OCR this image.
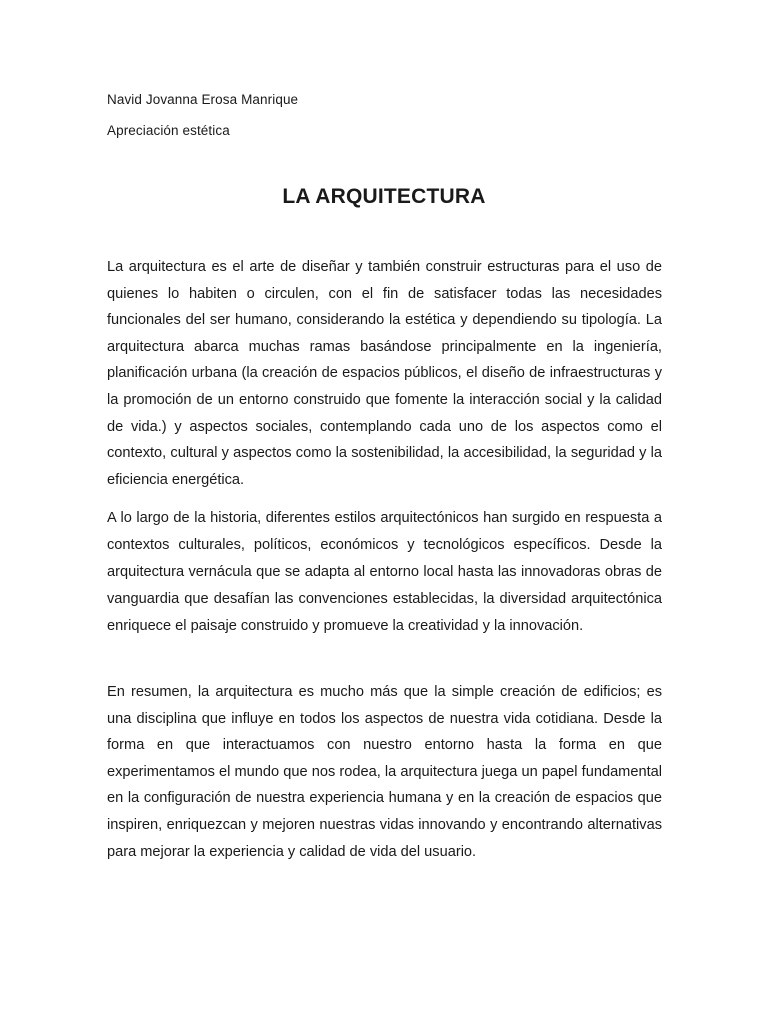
Navid Jovanna Erosa Manrique

Apreciación estética

LA ARQUITECTURA

La arquitectura es el arte de diseñar y también construir estructuras para el uso de quienes lo habiten o circulen, con el fin de satisfacer todas las necesidades funcionales del ser humano, considerando la estética y dependiendo su tipología. La arquitectura abarca muchas ramas basándose principalmente en la ingeniería, planificación urbana (la creación de espacios públicos, el diseño de infraestructuras y la promoción de un entorno construido que fomente la interacción social y la calidad de vida.) y aspectos sociales, contemplando cada uno de los aspectos como el contexto, cultural y aspectos como la sostenibilidad, la accesibilidad, la seguridad y la eficiencia energética.

A lo largo de la historia, diferentes estilos arquitectónicos han surgido en respuesta a contextos culturales, políticos, económicos y tecnológicos específicos. Desde la arquitectura vernácula que se adapta al entorno local hasta las innovadoras obras de vanguardia que desafían las convenciones establecidas, la diversidad arquitectónica enriquece el paisaje construido y promueve la creatividad y la innovación.

En resumen, la arquitectura es mucho más que la simple creación de edificios; es una disciplina que influye en todos los aspectos de nuestra vida cotidiana. Desde la forma en que interactuamos con nuestro entorno hasta la forma en que experimentamos el mundo que nos rodea, la arquitectura juega un papel fundamental en la configuración de nuestra experiencia humana y en la creación de espacios que inspiren, enriquezcan y mejoren nuestras vidas innovando y encontrando alternativas para mejorar la experiencia y calidad de vida del usuario.
